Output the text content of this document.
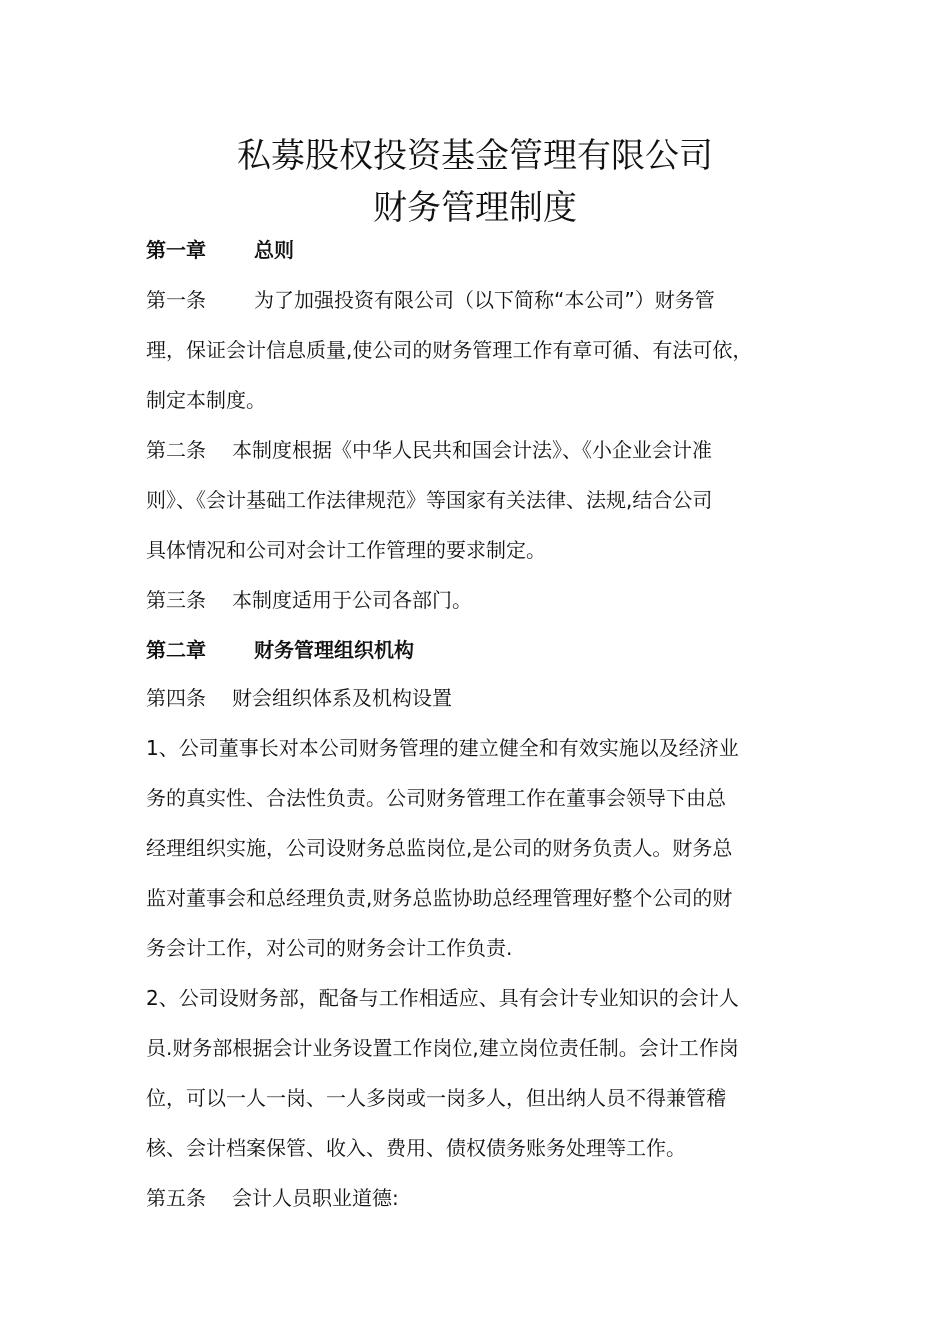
私募股权投资基金管理有限公司
财务管理制度
第一章 总则
第一条 为了加强投资有限公司（以下简称“本公司”）财务管
理，保证会计信息质量,使公司的财务管理工作有章可循、有法可依，
制定本制度。
第二条 本制度根据《中华人民共和国会计法》、《小企业会计准
则》、《会计基础工作法律规范》等国家有关法律、法规,结合公司
具体情况和公司对会计工作管理的要求制定。
第三条 本制度适用于公司各部门。
第二章 财务管理组织机构
第四条 财会组织体系及机构设置
1、公司董事长对本公司财务管理的建立健全和有效实施以及经济业
务的真实性、合法性负责。公司财务管理工作在董事会领导下由总
经理组织实施，公司设财务总监岗位,是公司的财务负责人。财务总
监对董事会和总经理负责,财务总监协助总经理管理好整个公司的财
务会计工作，对公司的财务会计工作负责.
2、公司设财务部，配备与工作相适应、具有会计专业知识的会计人
员.财务部根据会计业务设置工作岗位,建立岗位责任制。会计工作岗
位，可以一人一岗、一人多岗或一岗多人，但出纳人员不得兼管稽
核、会计档案保管、收入、费用、债权债务账务处理等工作。
第五条 会计人员职业道德:
